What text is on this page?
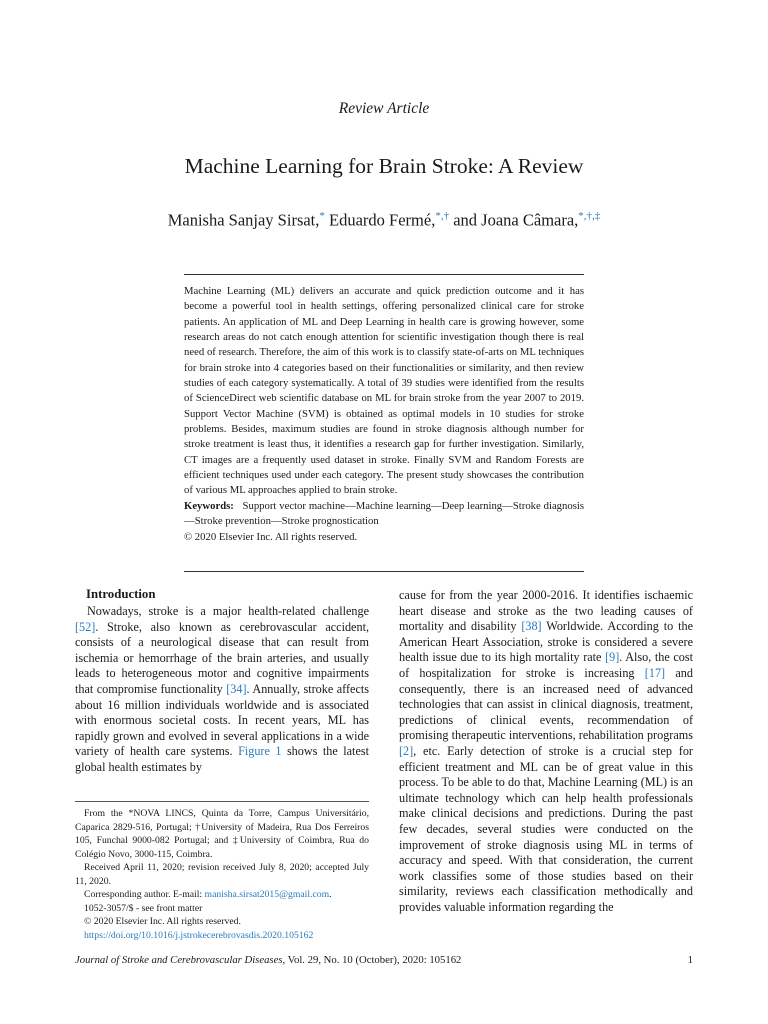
Review Article
Machine Learning for Brain Stroke: A Review
Manisha Sanjay Sirsat,* Eduardo Fermé,*,† and Joana Câmara,*,†,‡

Machine Learning (ML) delivers an accurate and quick prediction outcome and it has become a powerful tool in health settings, offering personalized clinical care for stroke patients. An application of ML and Deep Learning in health care is growing however, some research areas do not catch enough attention for scientific investigation though there is real need of research. Therefore, the aim of this work is to classify state-of-arts on ML techniques for brain stroke into 4 categories based on their functionalities or similarity, and then review studies of each category systematically. A total of 39 studies were identified from the results of ScienceDirect web scientific database on ML for brain stroke from the year 2007 to 2019. Support Vector Machine (SVM) is obtained as optimal models in 10 studies for stroke problems. Besides, maximum studies are found in stroke diagnosis although number for stroke treatment is least thus, it identifies a research gap for further investigation. Similarly, CT images are a frequently used dataset in stroke. Finally SVM and Random Forests are efficient techniques used under each category. The present study showcases the contribution of various ML approaches applied to brain stroke.

Keywords: Support vector machine—Machine learning—Deep learning—Stroke diagnosis—Stroke prevention—Stroke prognostication

© 2020 Elsevier Inc. All rights reserved.

Introduction

Nowadays, stroke is a major health-related challenge [52]. Stroke, also known as cerebrovascular accident, consists of a neurological disease that can result from ischemia or hemorrhage of the brain arteries, and usually leads to heterogeneous motor and cognitive impairments that compromise functionality [34]. Annually, stroke affects about 16 million individuals worldwide and is associated with enormous societal costs. In recent years, ML has rapidly grown and evolved in several applications in a wide variety of health care systems. Figure 1 shows the latest global health estimates by

cause for from the year 2000-2016. It identifies ischaemic heart disease and stroke as the two leading causes of mortality and disability [38] Worldwide. According to the American Heart Association, stroke is considered a severe health issue due to its high mortality rate [9]. Also, the cost of hospitalization for stroke is increasing [17] and consequently, there is an increased need of advanced technologies that can assist in clinical diagnosis, treatment, predictions of clinical events, recommendation of promising therapeutic interventions, rehabilitation programs [2], etc. Early detection of stroke is a crucial step for efficient treatment and ML can be of great value in this process. To be able to do that, Machine Learning (ML) is an ultimate technology which can help health professionals make clinical decisions and predictions. During the past few decades, several studies were conducted on the improvement of stroke diagnosis using ML in terms of accuracy and speed. With that consideration, the current work classifies some of those studies based on their similarity, reviews each classification methodically and provides valuable information regarding the

From the *NOVA LINCS, Quinta da Torre, Campus Universitário, Caparica 2829-516, Portugal; †University of Madeira, Rua Dos Ferreiros 105, Funchal 9000-082 Portugal; and ‡University of Coimbra, Rua do Colégio Novo, 3000-115, Coimbra.

Received April 11, 2020; revision received July 8, 2020; accepted July 11, 2020.

Corresponding author. E-mail: manisha.sirsat2015@gmail.com.

1052-3057/$ - see front matter

© 2020 Elsevier Inc. All rights reserved.

https://doi.org/10.1016/j.jstrokecerebrovasdis.2020.105162

Journal of Stroke and Cerebrovascular Diseases, Vol. 29, No. 10 (October), 2020: 105162	1
